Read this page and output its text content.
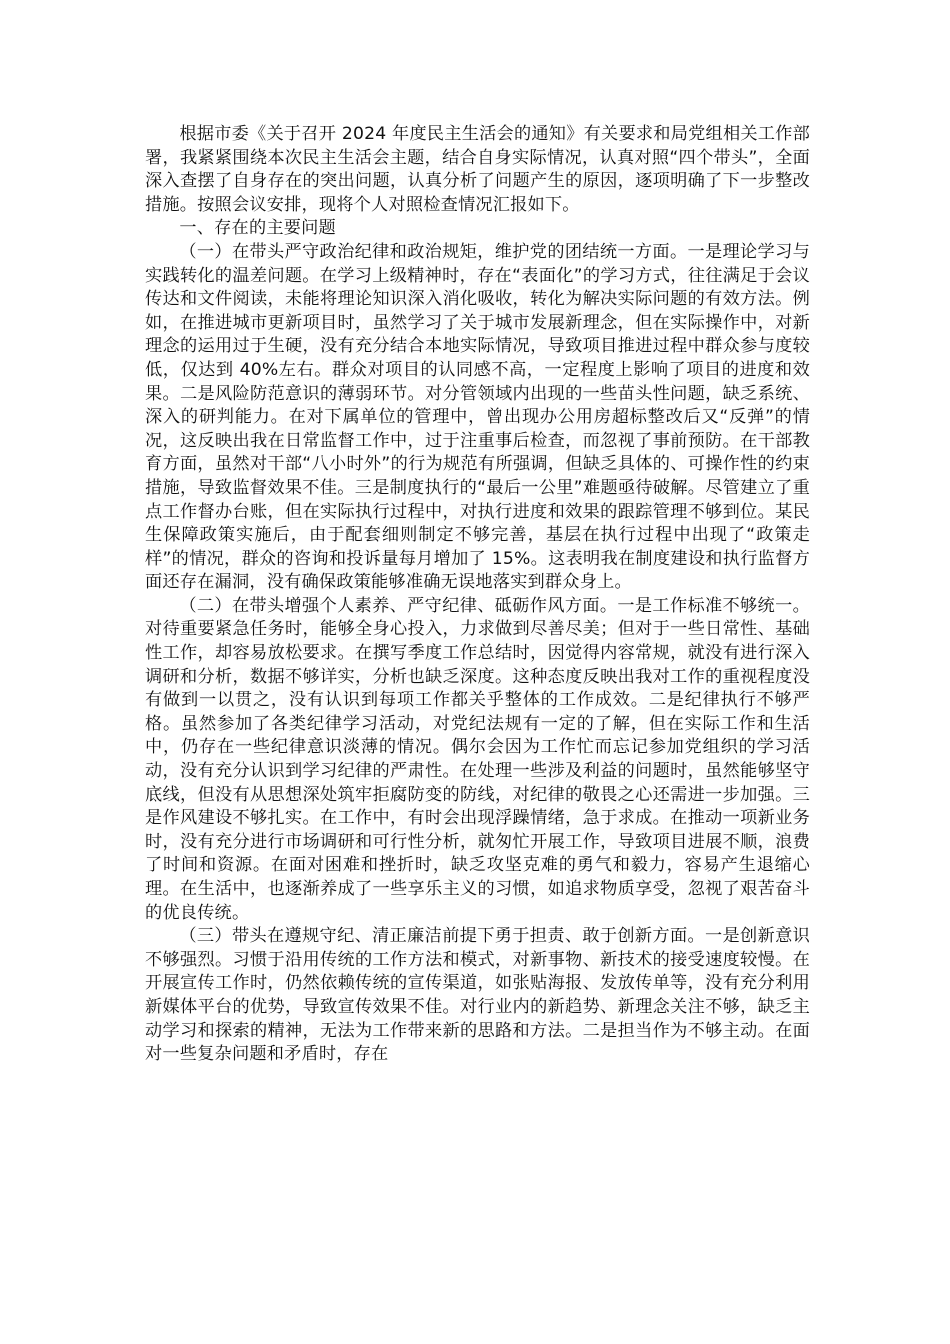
根据市委《关于召开 2024 年度民主生活会的通知》有关要求和局党组相关工作部署，我紧紧围绕本次民主生活会主题，结合自身实际情况，认真对照“四个带头”，全面深入查摆了自身存在的突出问题，认真分析了问题产生的原因，逐项明确了下一步整改措施。按照会议安排，现将个人对照检查情况汇报如下。

一、存在的主要问题

（一）在带头严守政治纪律和政治规矩，维护党的团结统一方面。一是理论学习与实践转化的温差问题。在学习上级精神时，存在“表面化”的学习方式，往往满足于会议传达和文件阅读，未能将理论知识深入消化吸收，转化为解决实际问题的有效方法。例如，在推进城市更新项目时，虽然学习了关于城市发展新理念，但在实际操作中，对新理念的运用过于生硬，没有充分结合本地实际情况，导致项目推进过程中群众参与度较低，仅达到 40%左右。群众对项目的认同感不高，一定程度上影响了项目的进度和效果。二是风险防范意识的薄弱环节。对分管领域内出现的一些苗头性问题，缺乏系统、深入的研判能力。在对下属单位的管理中，曾出现办公用房超标整改后又“反弹”的情况，这反映出我在日常监督工作中，过于注重事后检查，而忽视了事前预防。在干部教育方面，虽然对干部“八小时外”的行为规范有所强调，但缺乏具体的、可操作性的约束措施，导致监督效果不佳。三是制度执行的“最后一公里”难题亟待破解。尽管建立了重点工作督办台账，但在实际执行过程中，对执行进度和效果的跟踪管理不够到位。某民生保障政策实施后，由于配套细则制定不够完善，基层在执行过程中出现了“政策走样”的情况，群众的咨询和投诉量每月增加了 15%。这表明我在制度建设和执行监督方面还存在漏洞，没有确保政策能够准确无误地落实到群众身上。

（二）在带头增强个人素养、严守纪律、砥砺作风方面。一是工作标准不够统一。对待重要紧急任务时，能够全身心投入，力求做到尽善尽美；但对于一些日常性、基础性工作，却容易放松要求。在撰写季度工作总结时，因觉得内容常规，就没有进行深入调研和分析，数据不够详实，分析也缺乏深度。这种态度反映出我对工作的重视程度没有做到一以贯之，没有认识到每项工作都关乎整体的工作成效。二是纪律执行不够严格。虽然参加了各类纪律学习活动，对党纪法规有一定的了解，但在实际工作和生活中，仍存在一些纪律意识淡薄的情况。偶尔会因为工作忙而忘记参加党组织的学习活动，没有充分认识到学习纪律的严肃性。在处理一些涉及利益的问题时，虽然能够坚守底线，但没有从思想深处筑牢拒腐防变的防线，对纪律的敬畏之心还需进一步加强。三是作风建设不够扎实。在工作中，有时会出现浮躁情绪，急于求成。在推动一项新业务时，没有充分进行市场调研和可行性分析，就匆忙开展工作，导致项目进展不顺，浪费了时间和资源。在面对困难和挫折时，缺乏攻坚克难的勇气和毅力，容易产生退缩心理。在生活中，也逐渐养成了一些享乐主义的习惯，如追求物质享受，忽视了艰苦奋斗的优良传统。

（三）带头在遵规守纪、清正廉洁前提下勇于担责、敢于创新方面。一是创新意识不够强烈。习惯于沿用传统的工作方法和模式，对新事物、新技术的接受速度较慢。在开展宣传工作时，仍然依赖传统的宣传渠道，如张贴海报、发放传单等，没有充分利用新媒体平台的优势，导致宣传效果不佳。对行业内的新趋势、新理念关注不够，缺乏主动学习和探索的精神，无法为工作带来新的思路和方法。二是担当作为不够主动。在面对一些复杂问题和矛盾时，存在
